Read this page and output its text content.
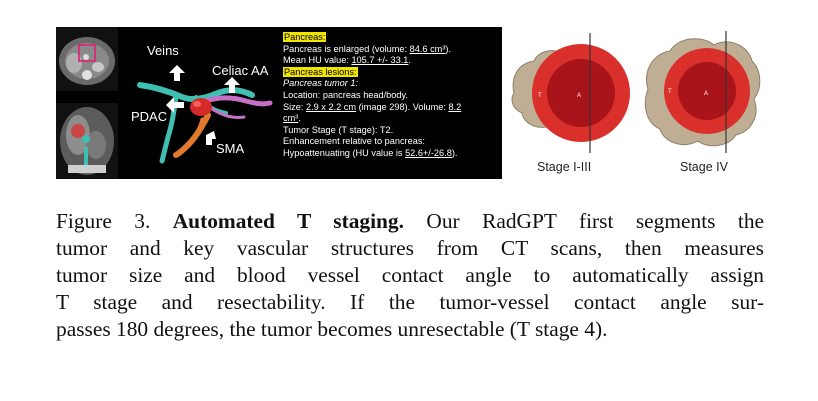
Veins
Celiac AA
PDAC
SMA
Pancreas:
Pancreas is enlarged (volume: 84.6 cm³).
Mean HU value: 105.7 +/- 33.1.
Pancreas lesions:
Pancreas tumor 1:
Location: pancreas head/body.
Size: 2.9 x 2.2 cm (image 298). Volume: 8.2
cm³.
Tumor Stage (T stage): T2.
Enhancement relative to pancreas:
Hypoattenuating (HU value is 52.6+/-26.8).
A
T	A
T
Stage I-III	Stage IV
Figure 3. Automated T staging. Our RadGPT first segments the
tumor and key vascular structures from CT scans, then measures
tumor size and blood vessel contact angle to automatically assign
T stage and resectability. If the tumor-vessel contact angle sur-
passes 180 degrees, the tumor becomes unresectable (T stage 4).
